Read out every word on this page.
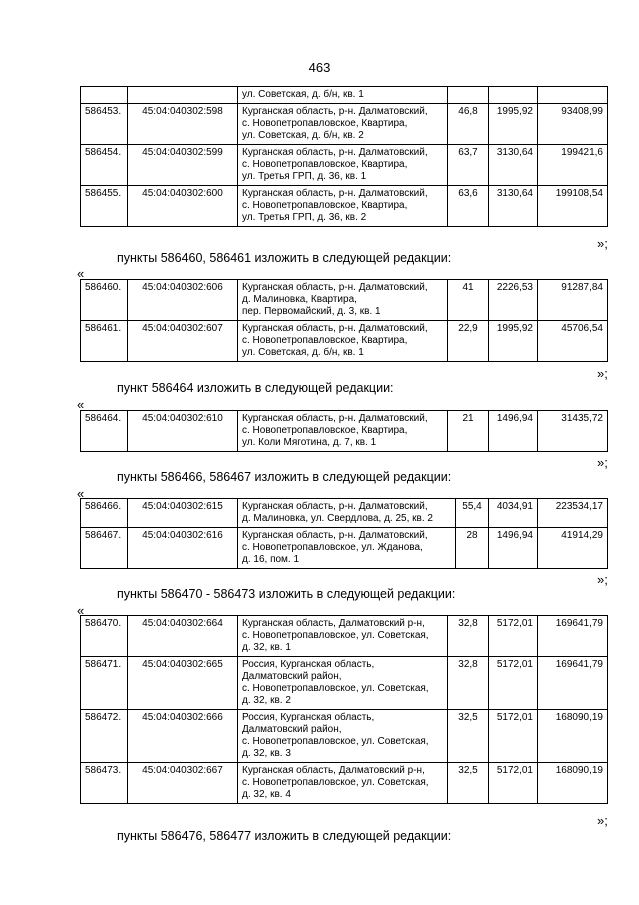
463

		ул. Советская, д. б/н, кв. 1			

586453.	45:04:040302:598	Курганская область, р-н. Далматовский,
с. Новопетропавловское, Квартира,
ул. Советская, д. б/н, кв. 2	46,8	1995,92	93408,99
586454.	45:04:040302:599	Курганская область, р-н. Далматовский,
с. Новопетропавловское, Квартира,
ул. Третья ГРП, д. 36, кв. 1	63,7	3130,64	199421,6
586455.	45:04:040302:600	Курганская область, р-н. Далматовский,
с. Новопетропавловское, Квартира,
ул. Третья ГРП, д. 36, кв. 2	63,6	3130,64	199108,54
»;
пункты 586460, 586461 изложить в следующей редакции:
«
586460.	45:04:040302:606	Курганская область, р-н. Далматовский,
д. Малиновка, Квартира,
пер. Первомайский, д. 3, кв. 1	41	2226,53	91287,84
586461.	45:04:040302:607	Курганская область, р-н. Далматовский,
с. Новопетропавловское, Квартира,
ул. Советская, д. б/н, кв. 1	22,9	1995,92	45706,54
»;
пункт 586464 изложить в следующей редакции:
«
586464.	45:04:040302:610	Курганская область, р-н. Далматовский,
с. Новопетропавловское, Квартира,
ул. Коли Мяготина, д. 7, кв. 1
	21	1496,94	31435,72
»;
пункты 586466, 586467 изложить в следующей редакции:
«
586466.	45:04:040302:615	Курганская область, р-н. Далматовский,
д. Малиновка, ул. Свердлова, д. 25, кв. 2	55,4	4034,91	223534,17
586467.	45:04:040302:616	Курганская область, р-н. Далматовский,
с. Новопетропавловское, ул. Жданова,
д. 16, пом. 1	28	1496,94	41914,29
»;
пункты 586470 - 586473 изложить в следующей редакции:
«
586470.	45:04:040302:664	Курганская область, Далматовский р-н,
с. Новопетропавловское, ул. Советская,
д. 32, кв. 1	32,8	5172,01	169641,79
586471.	45:04:040302:665	Россия, Курганская область,
Далматовский район,
с. Новопетропавловское, ул. Советская,
д. 32, кв. 2	32,8	5172,01	169641,79
586472.	45:04:040302:666	Россия, Курганская область,
Далматовский район,
с. Новопетропавловское, ул. Советская,
д. 32, кв. 3	32,5	5172,01	168090,19
586473.	45:04:040302:667	Курганская область, Далматовский р-н,
с. Новопетропавловское, ул. Советская,
д. 32, кв. 4	32,5	5172,01	168090,19
»;
пункты 586476, 586477 изложить в следующей редакции:
